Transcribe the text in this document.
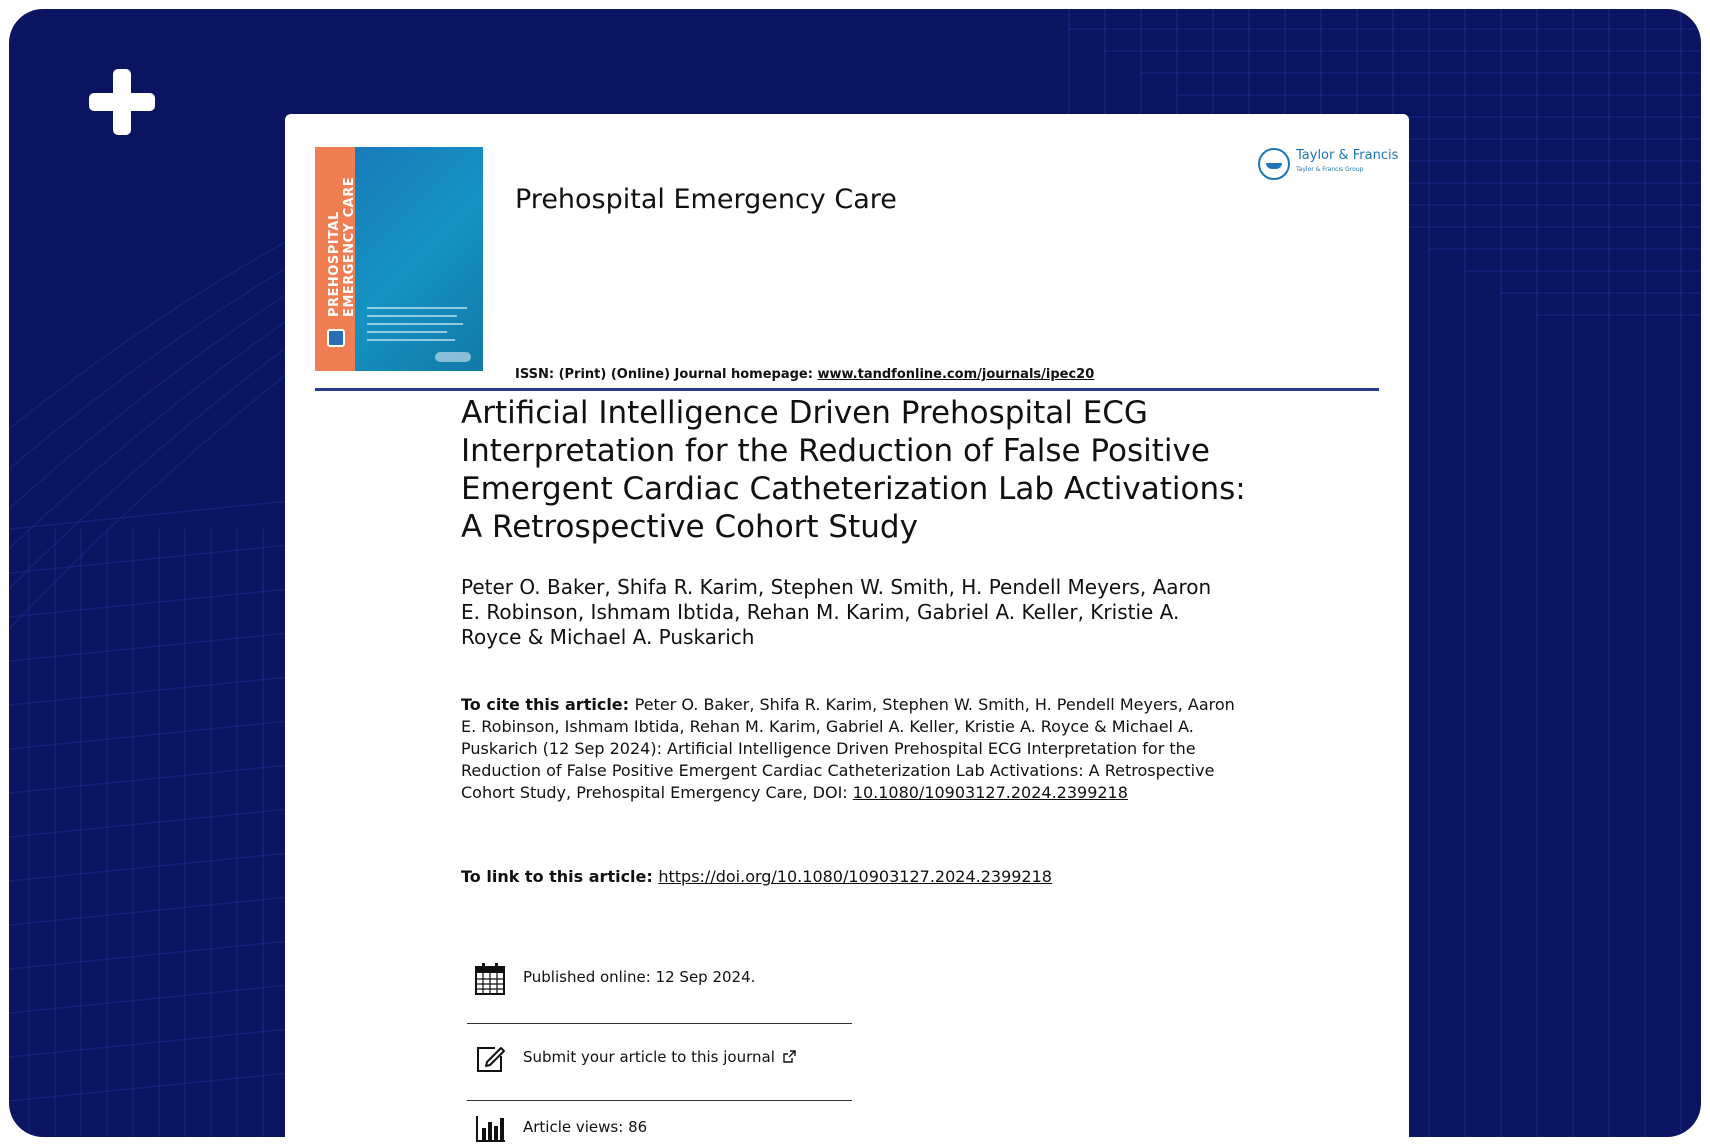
PREHOSPITAL EMERGENCY CARE	Prehospital Emergency Care
Taylor & Francis
Taylor & Francis Group
ISSN: (Print) (Online) Journal homepage: www.tandfonline.com/journals/ipec20
Artificial Intelligence Driven Prehospital ECG
Interpretation for the Reduction of False Positive
Emergent Cardiac Catheterization Lab Activations:
A Retrospective Cohort Study
Peter O. Baker, Shifa R. Karim, Stephen W. Smith, H. Pendell Meyers, Aaron
E. Robinson, Ishmam Ibtida, Rehan M. Karim, Gabriel A. Keller, Kristie A.
Royce & Michael A. Puskarich
To cite this article: Peter O. Baker, Shifa R. Karim, Stephen W. Smith, H. Pendell Meyers, Aaron
E. Robinson, Ishmam Ibtida, Rehan M. Karim, Gabriel A. Keller, Kristie A. Royce & Michael A.
Puskarich (12 Sep 2024): Artificial Intelligence Driven Prehospital ECG Interpretation for the
Reduction of False Positive Emergent Cardiac Catheterization Lab Activations: A Retrospective
Cohort Study, Prehospital Emergency Care, DOI: 10.1080/10903127.2024.2399218
To link to this article: https://doi.org/10.1080/10903127.2024.2399218
Published online: 12 Sep 2024.
Submit your article to this journal
Article views: 86
